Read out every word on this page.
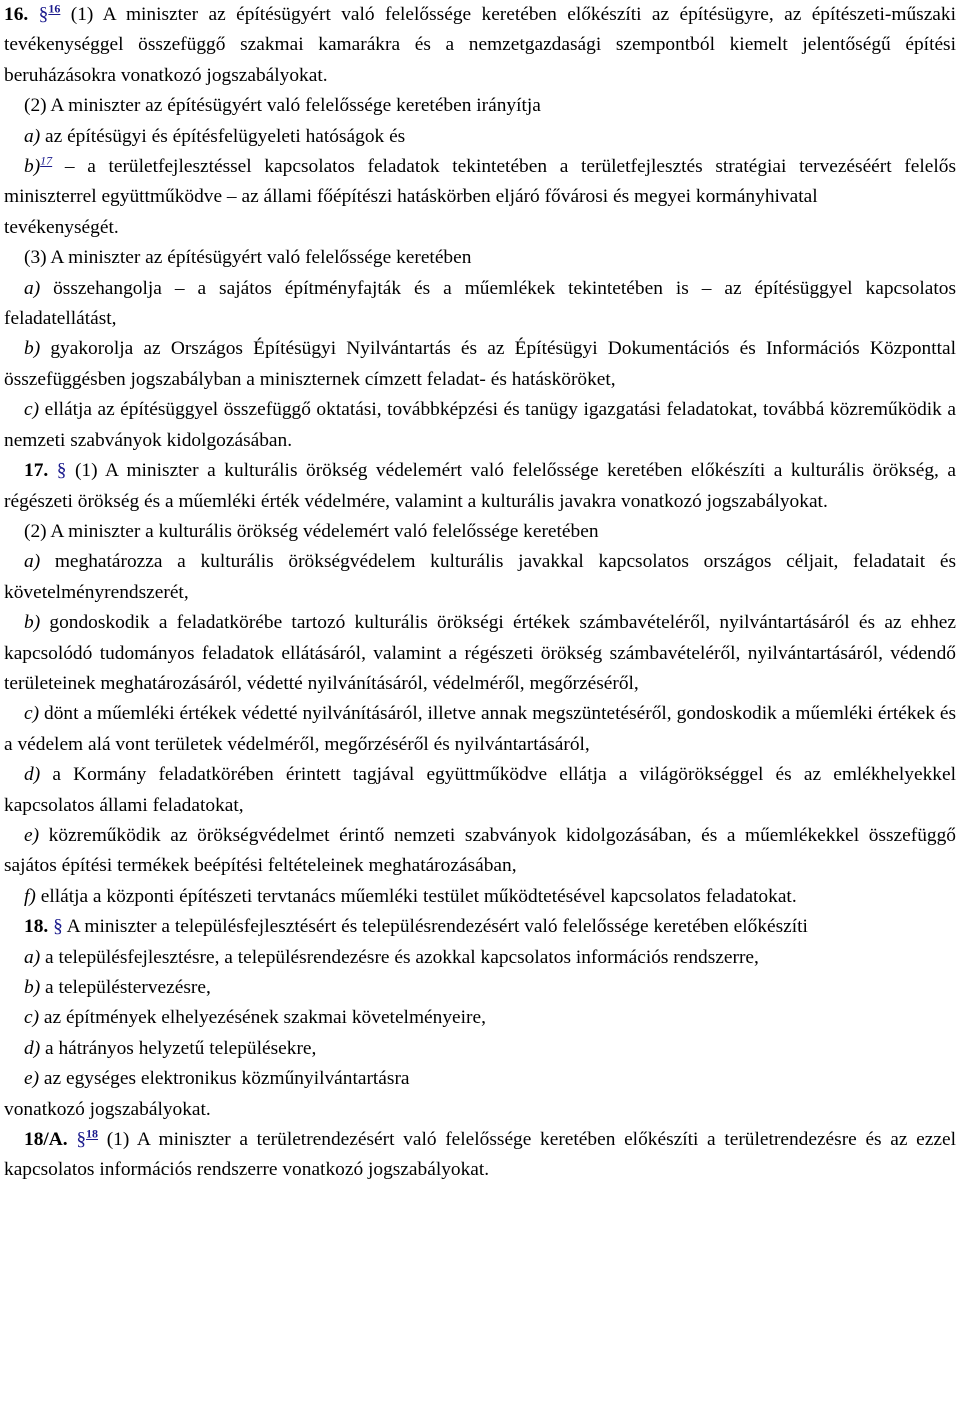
16. §$^{16}$ (1) A miniszter az építésügyért való felelőssége keretében előkészíti az építésügyre, az építészeti-műszaki tevékenységgel összefüggő szakmai kamarákra és a nemzetgazdasági szempontból kiemelt jelentőségű építési beruházásokra vonatkozó jogszabályokat.

(2) A miniszter az építésügyért való felelőssége keretében irányítja

a) az építésügyi és építésfelügyeleti hatóságok és

b)$^{17}$ – a területfejlesztéssel kapcsolatos feladatok tekintetében a területfejlesztés stratégiai tervezéséért felelős miniszterrel együttműködve – az állami főépítészi hatáskörben eljáró fővárosi és megyei kormányhivatal

tevékenységét.

(3) A miniszter az építésügyért való felelőssége keretében

a) összehangolja – a sajátos építményfajták és a műemlékek tekintetében is – az építésüggyel kapcsolatos feladatellátást,

b) gyakorolja az Országos Építésügyi Nyilvántartás és az Építésügyi Dokumentációs és Információs Központtal összefüggésben jogszabályban a miniszternek címzett feladat- és hatásköröket,

c) ellátja az építésüggyel összefüggő oktatási, továbbképzési és tanügy igazgatási feladatokat, továbbá közreműködik a nemzeti szabványok kidolgozásában.

17. § (1) A miniszter a kulturális örökség védelemért való felelőssége keretében előkészíti a kulturális örökség, a régészeti örökség és a műemléki érték védelmére, valamint a kulturális javakra vonatkozó jogszabályokat.

(2) A miniszter a kulturális örökség védelemért való felelőssége keretében

a) meghatározza a kulturális örökségvédelem kulturális javakkal kapcsolatos országos céljait, feladatait és követelményrendszerét,

b) gondoskodik a feladatkörébe tartozó kulturális örökségi értékek számbavételéről, nyilvántartásáról és az ehhez kapcsolódó tudományos feladatok ellátásáról, valamint a régészeti örökség számbavételéről, nyilvántartásáról, védendő területeinek meghatározásáról, védetté nyilvánításáról, védelméről, megőrzéséről,

c) dönt a műemléki értékek védetté nyilvánításáról, illetve annak megszüntetéséről, gondoskodik a műemléki értékek és a védelem alá vont területek védelméről, megőrzéséről és nyilvántartásáról,

d) a Kormány feladatkörében érintett tagjával együttműködve ellátja a világörökséggel és az emlékhelyekkel kapcsolatos állami feladatokat,

e) közreműködik az örökségvédelmet érintő nemzeti szabványok kidolgozásában, és a műemlékekkel összefüggő sajátos építési termékek beépítési feltételeinek meghatározásában,

f) ellátja a központi építészeti tervtanács műemléki testület működtetésével kapcsolatos feladatokat.

18. § A miniszter a településfejlesztésért és településrendezésért való felelőssége keretében előkészíti

a) a településfejlesztésre, a településrendezésre és azokkal kapcsolatos információs rendszerre,

b) a településtervezésre,

c) az építmények elhelyezésének szakmai követelményeire,

d) a hátrányos helyzetű településekre,

e) az egységes elektronikus közműnyilvántartásra

vonatkozó jogszabályokat.

18/A. §$^{18}$ (1) A miniszter a területrendezésért való felelőssége keretében előkészíti a területrendezésre és az ezzel kapcsolatos információs rendszerre vonatkozó jogszabályokat.
